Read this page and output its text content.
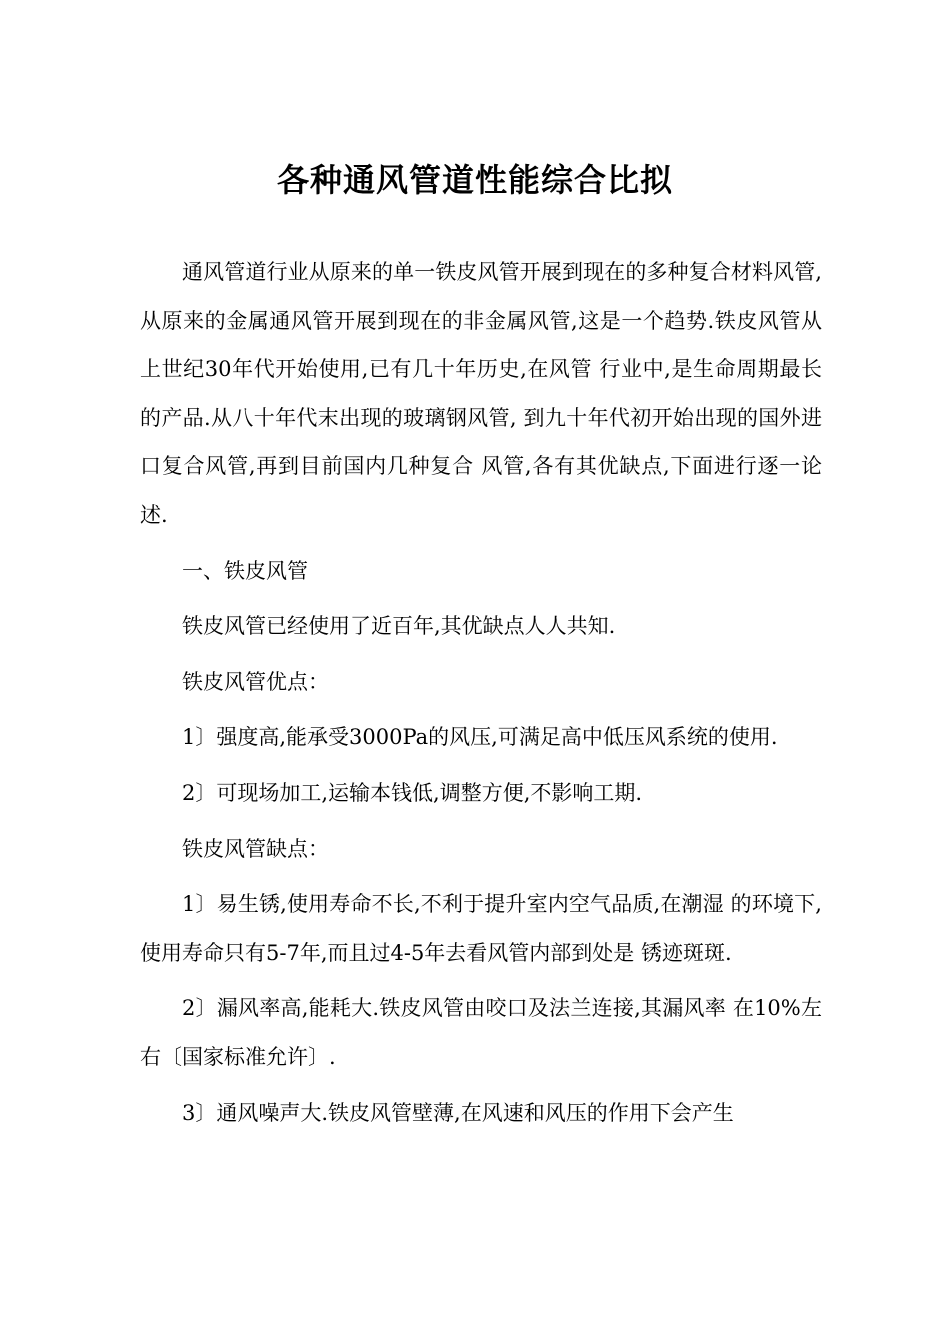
各种通风管道性能综合比拟

通风管道行业从原来的单一铁皮风管开展到现在的多种复合材料风管,从原来的金属通风管开展到现在的非金属风管,这是一个趋势.铁皮风管从上世纪30年代开始使用,已有几十年历史,在风管 行业中,是生命周期最长的产品.从八十年代末出现的玻璃钢风管, 到九十年代初开始出现的国外进口复合风管,再到目前国内几种复合 风管,各有其优缺点,下面进行逐一论述.

一、铁皮风管

铁皮风管已经使用了近百年,其优缺点人人共知.

铁皮风管优点：

1〕强度高,能承受3000Pa的风压,可满足高中低压风系统的使用.

2〕可现场加工,运输本钱低,调整方便,不影响工期.

铁皮风管缺点：

1〕易生锈,使用寿命不长,不利于提升室内空气品质,在潮湿 的环境下,使用寿命只有5-7年,而且过4-5年去看风管内部到处是 锈迹斑斑.

2〕漏风率高,能耗大.铁皮风管由咬口及法兰连接,其漏风率 在10%左右〔国家标准允许〕.

3〕通风噪声大.铁皮风管壁薄,在风速和风压的作用下会产生
